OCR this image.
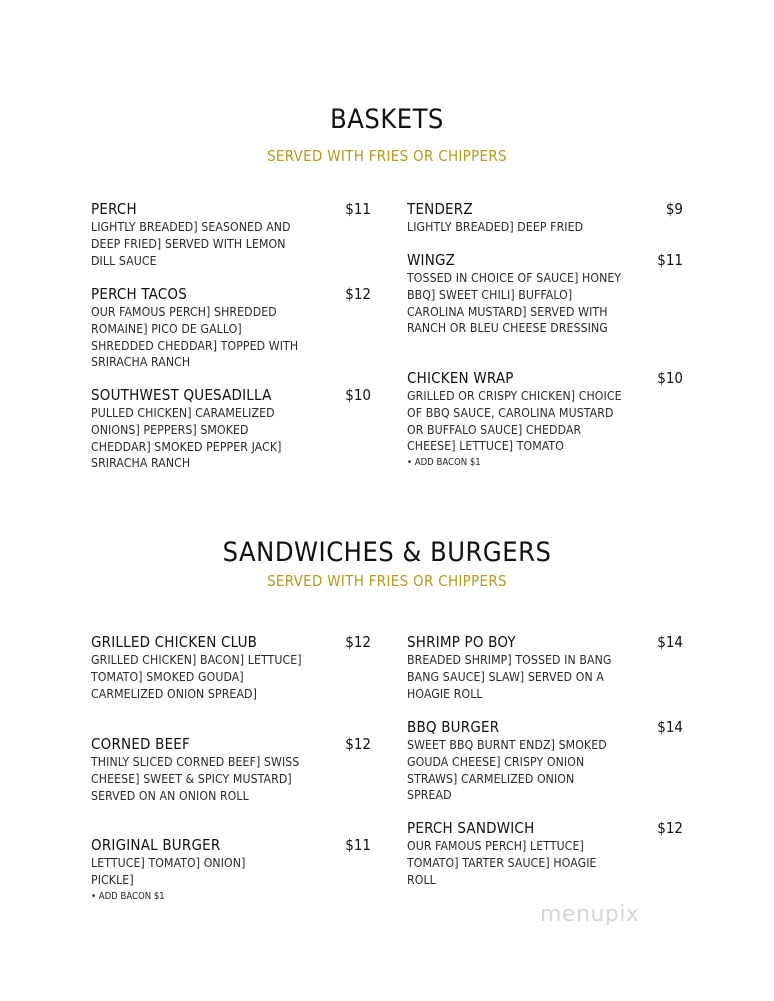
BASKETS
SERVED WITH FRIES OR CHIPPERS
PERCH	$11
LIGHTLY BREADED] SEASONED AND DEEP FRIED] SERVED WITH LEMON DILL SAUCE
PERCH TACOS	$12
OUR FAMOUS PERCH] SHREDDED ROMAINE] PICO DE GALLO] SHREDDED CHEDDAR] TOPPED WITH SRIRACHA RANCH
SOUTHWEST QUESADILLA	$10
PULLED CHICKEN] CARAMELIZED ONIONS] PEPPERS] SMOKED CHEDDAR] SMOKED PEPPER JACK] SRIRACHA RANCH
TENDERZ	$9
LIGHTLY BREADED] DEEP FRIED
WINGZ	$11
TOSSED IN CHOICE OF SAUCE] HONEY BBQ] SWEET CHILI] BUFFALO] CAROLINA MUSTARD] SERVED WITH RANCH OR BLEU CHEESE DRESSING
CHICKEN WRAP	$10
GRILLED OR CRISPY CHICKEN] CHOICE OF BBQ SAUCE, CAROLINA MUSTARD OR BUFFALO SAUCE] CHEDDAR CHEESE] LETTUCE] TOMATO
• ADD BACON $1
SANDWICHES & BURGERS
SERVED WITH FRIES OR CHIPPERS
GRILLED CHICKEN CLUB	$12
GRILLED CHICKEN] BACON] LETTUCE] TOMATO] SMOKED GOUDA] CARMELIZED ONION SPREAD]
CORNED BEEF	$12
THINLY SLICED CORNED BEEF] SWISS CHEESE] SWEET & SPICY MUSTARD] SERVED ON AN ONION ROLL
ORIGINAL BURGER	$11
LETTUCE] TOMATO] ONION] PICKLE]
• ADD BACON $1
SHRIMP PO BOY	$14
BREADED SHRIMP] TOSSED IN BANG BANG SAUCE] SLAW] SERVED ON A HOAGIE ROLL
BBQ BURGER	$14
SWEET BBQ BURNT ENDZ] SMOKED GOUDA CHEESE] CRISPY ONION STRAWS] CARMELIZED ONION SPREAD
PERCH SANDWICH	$12
OUR FAMOUS PERCH] LETTUCE] TOMATO] TARTER SAUCE] HOAGIE ROLL
menupix
